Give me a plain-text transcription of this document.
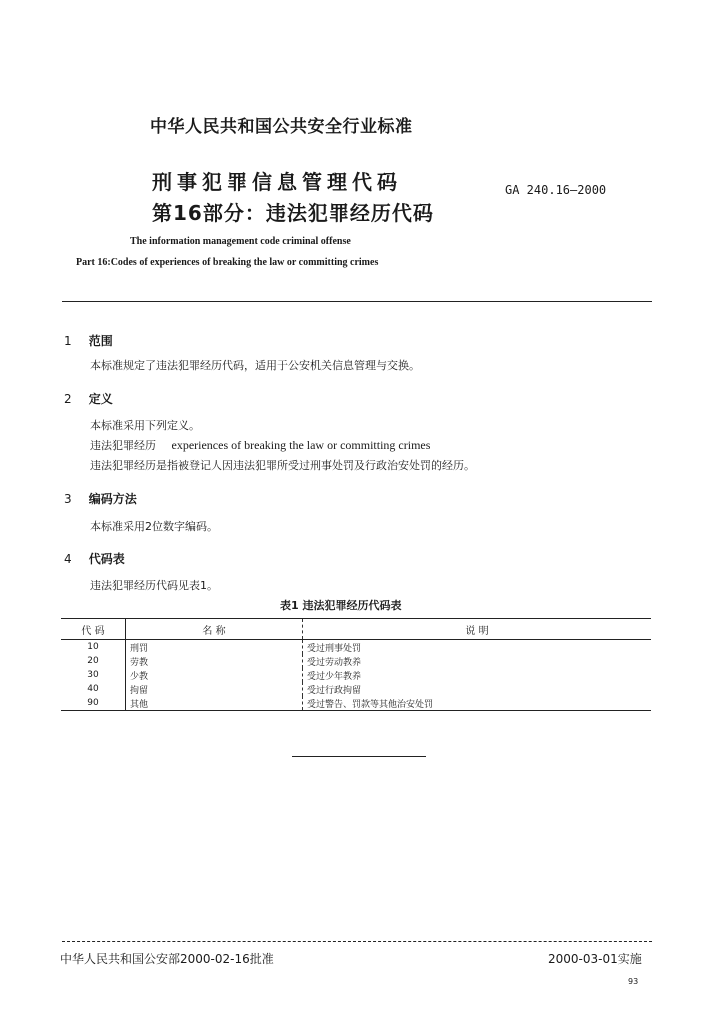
中华人民共和国公共安全行业标准
刑事犯罪信息管理代码
第16部分：违法犯罪经历代码
GA 240.16—2000
The information management code criminal offense
Part 16:Codes of experiences of breaking the law or committing crimes
1 范围
本标准规定了违法犯罪经历代码，适用于公安机关信息管理与交换。
2 定义
本标准采用下列定义。
违法犯罪经历 experiences of breaking the law or committing crimes
违法犯罪经历是指被登记人因违法犯罪所受过刑事处罚及行政治安处罚的经历。
3 编码方法
本标准采用2位数字编码。
4 代码表
违法犯罪经历代码见表1。
表1 违法犯罪经历代码表
代 码	名 称	说 明
10	刑罚	受过刑事处罚
20	劳教	受过劳动教养
30	少教	受过少年教养
40	拘留	受过行政拘留
90	其他	受过警告、罚款等其他治安处罚
中华人民共和国公安部2000-02-16批准	2000-03-01实施
93
